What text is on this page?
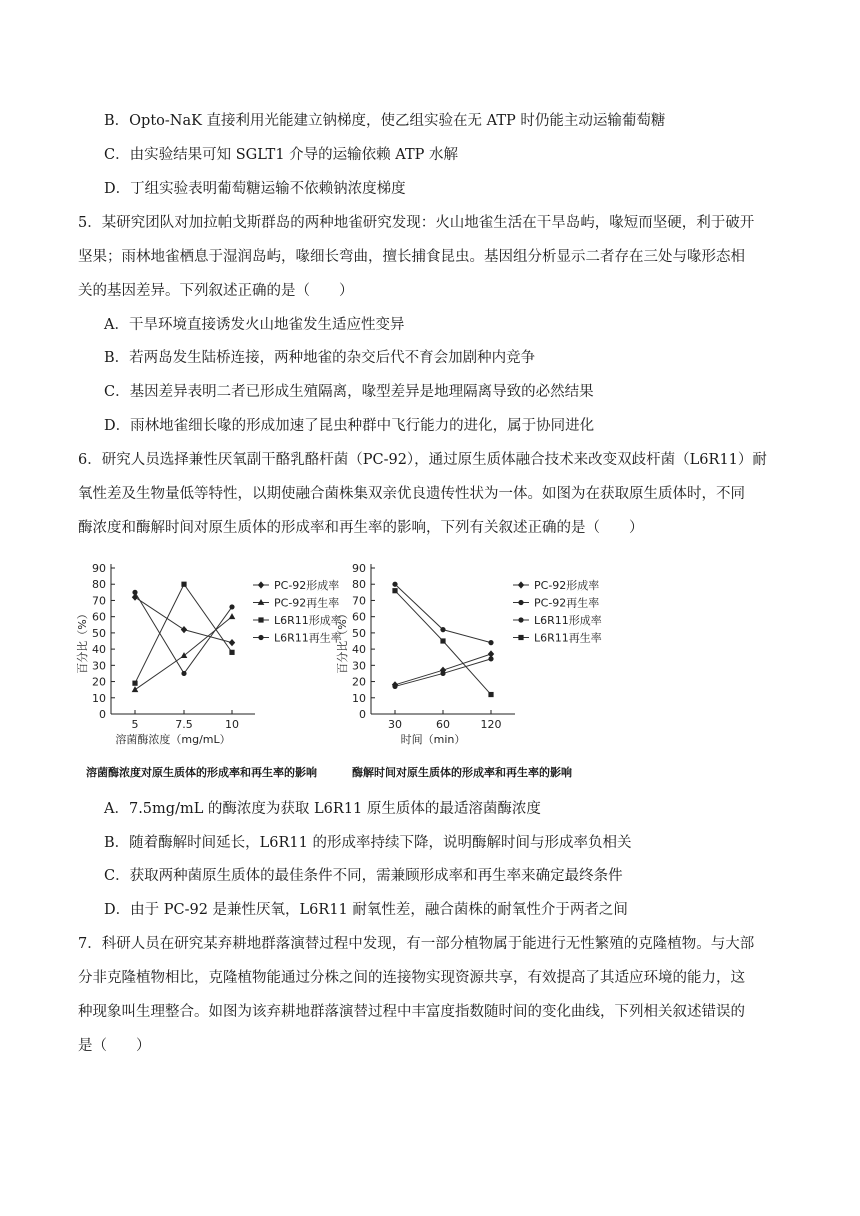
B．Opto-NaK 直接利用光能建立钠梯度，使乙组实验在无 ATP 时仍能主动运输葡萄糖
C．由实验结果可知 SGLT1 介导的运输依赖 ATP 水解
D．丁组实验表明葡萄糖运输不依赖钠浓度梯度
5．某研究团队对加拉帕戈斯群岛的两种地雀研究发现：火山地雀生活在干旱岛屿，喙短而坚硬，利于破开
坚果；雨林地雀栖息于湿润岛屿，喙细长弯曲，擅长捕食昆虫。基因组分析显示二者存在三处与喙形态相
关的基因差异。下列叙述正确的是（　　）
A．干旱环境直接诱发火山地雀发生适应性变异
B．若两岛发生陆桥连接，两种地雀的杂交后代不育会加剧种内竞争
C．基因差异表明二者已形成生殖隔离，喙型差异是地理隔离导致的必然结果
D．雨林地雀细长喙的形成加速了昆虫种群中飞行能力的进化，属于协同进化
6．研究人员选择兼性厌氧副干酪乳酪杆菌（PC-92），通过原生质体融合技术来改变双歧杆菌（L6R11）耐
氧性差及生物量低等特性，以期使融合菌株集双亲优良遗传性状为一体。如图为在获取原生质体时，不同
酶浓度和酶解时间对原生质体的形成率和再生率的影响，下列有关叙述正确的是（　　）
0
10
20
30
40
50
60
70
80
90
5	7.5	10
溶菌酶浓度（mg/mL）
百分比（%）
PC-92形成率
PC-92再生率
L6R11形成率
L6R11再生率
0
10
20
30
40
50
60
70
80
90
30	60	120
时间（min）
百分比（%）
PC-92形成率
PC-92再生率
L6R11形成率
L6R11再生率
溶菌酶浓度对原生质体的形成率和再生率的影响	酶解时间对原生质体的形成率和再生率的影响
A．7.5mg/mL 的酶浓度为获取 L6R11 原生质体的最适溶菌酶浓度
B．随着酶解时间延长，L6R11 的形成率持续下降，说明酶解时间与形成率负相关
C．获取两种菌原生质体的最佳条件不同，需兼顾形成率和再生率来确定最终条件
D．由于 PC-92 是兼性厌氧，L6R11 耐氧性差，融合菌株的耐氧性介于两者之间
7．科研人员在研究某弃耕地群落演替过程中发现，有一部分植物属于能进行无性繁殖的克隆植物。与大部
分非克隆植物相比，克隆植物能通过分株之间的连接物实现资源共享，有效提高了其适应环境的能力，这
种现象叫生理整合。如图为该弃耕地群落演替过程中丰富度指数随时间的变化曲线，下列相关叙述错误的
是（　　）
